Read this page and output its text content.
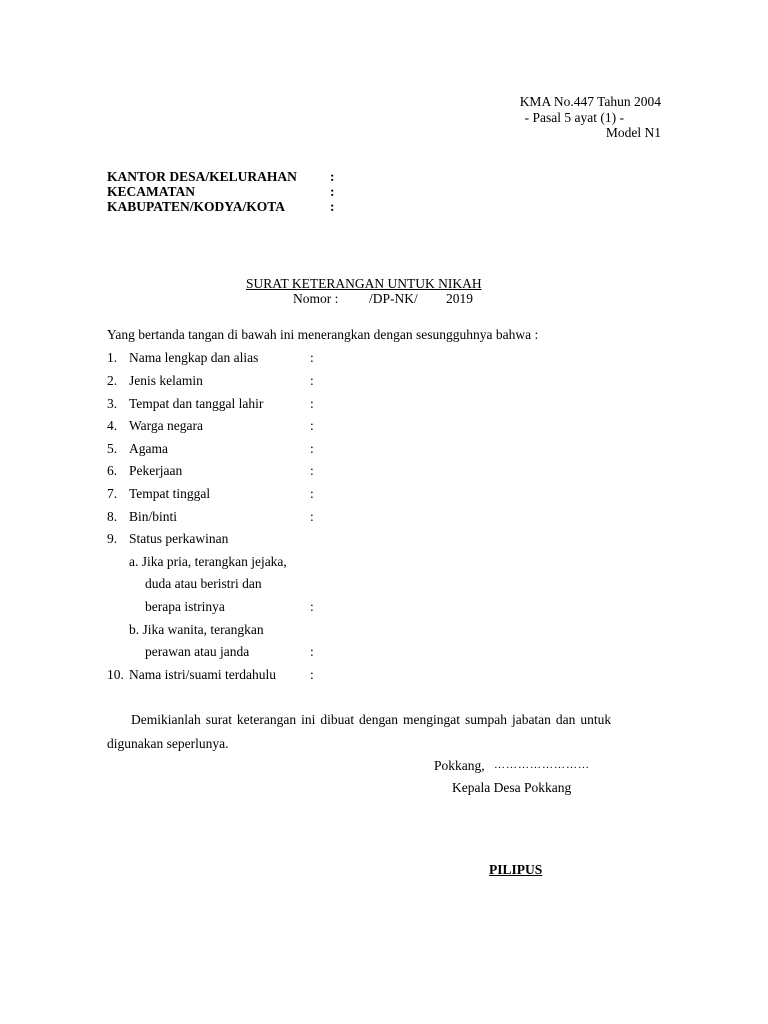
KMA No.447 Tahun 2004
- Pasal 5 ayat (1) -
Model N1
KANTOR DESA/KELURAHAN :
KECAMATAN	:
KABUPATEN/KODYA/KOTA	:
SURAT KETERANGAN UNTUK NIKAH
Nomor : /DP-NK/ 2019
Yang bertanda tangan di bawah ini menerangkan dengan sesungguhnya bahwa :
1. Nama lengkap dan alias	:
2. Jenis kelamin	:
3. Tempat dan tanggal lahir	:
4. Warga negara	:
5. Agama	:
6. Pekerjaan	:
7. Tempat tinggal	:
8. Bin/binti	:
9. Status perkawinan
a. Jika pria, terangkan jejaka,
duda atau beristri dan
berapa istrinya	:
b. Jika wanita, terangkan
perawan atau janda	:
10. Nama istri/suami terdahulu	:
Demikianlah surat keterangan ini dibuat dengan mengingat sumpah jabatan dan untuk
digunakan seperlunya.
Pokkang, ……………………
Kepala Desa Pokkang
PILIPUS
